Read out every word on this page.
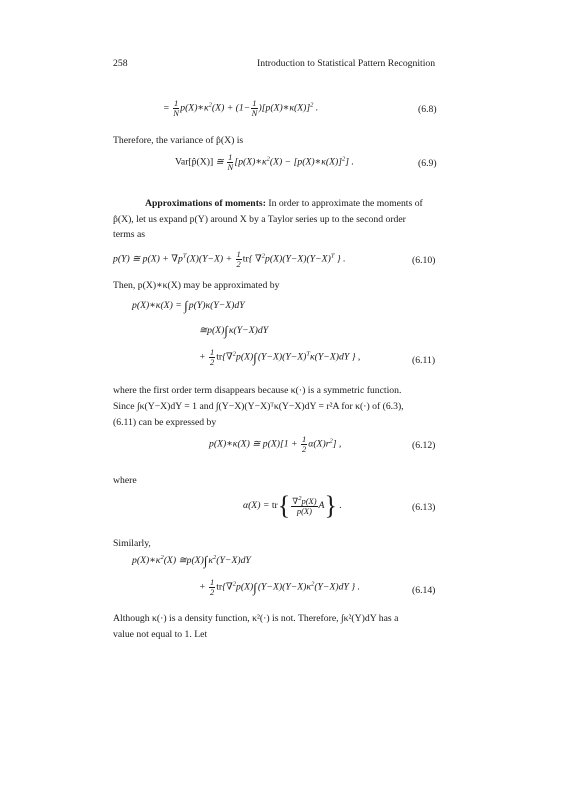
258	Introduction to Statistical Pattern Recognition
= $\frac{1}{N}$ $p(X)∗\kappa^2(X) + (1- \frac{1}{N}$ )[p(X)∗κ(X)]$^2$ .	(6.8)
Therefore, the variance of p̂(X) is
Var[p̂(X)] ≅ $\frac{1}{N}$ [$p(X)∗\kappa^2(X)$ − [p(X)∗κ(X)]$^2$] .	(6.9)
Approximations of moments: In order to approximate the moments of
p̂(X), let us expand p(Y) around X by a Taylor series up to the second order
terms as
p(Y) ≅ $p(X) + \nabla p^T(X)(Y-X) + \frac{1}{2} tr${ $\nabla^2p(X)(Y-X)(Y-X)^T$ } .	(6.10)
Then, p(X)∗κ(X) may be approximated by
p(X)∗κ(X) = ∫p(Y)κ(Y−X)dY
≅p(X)∫κ(Y−X)dY
+ $\frac{1}{2} tr\{\nabla^2p(X)\int(Y-X)(Y-X)^T\kappa(Y-X)dY$ } ,	(6.11)
where the first order term disappears because κ(·) is a symmetric function.
Since ∫κ(Y−X)dY = 1 and ∫(Y−X)(Y−X)ᵀκ(Y−X)dY = r²A for κ(·) of (6.3),
(6.11) can be expressed by
p(X)∗κ(X) ≅ $p(X)[1 + \frac{1}{2} \alpha(X)r^2]$ ,	(6.12)
where
$\alpha(X) = tr\{ \frac{\nabla^2p(X)}{p(X)} A\}$ .	(6.13)
Similarly,
$p(X)∗\kappa^2(X)$ $≅p(X)\int\kappa^2(Y-X)dY$
+ $\frac{1}{2} tr\{\nabla^2p(X)\int(Y-X)(Y-X)\kappa^2(Y-X)dY$ } .	(6.14)
Although κ(·) is a density function, κ²(·) is not. Therefore, ∫κ²(Y)dY has a
value not equal to 1. Let
